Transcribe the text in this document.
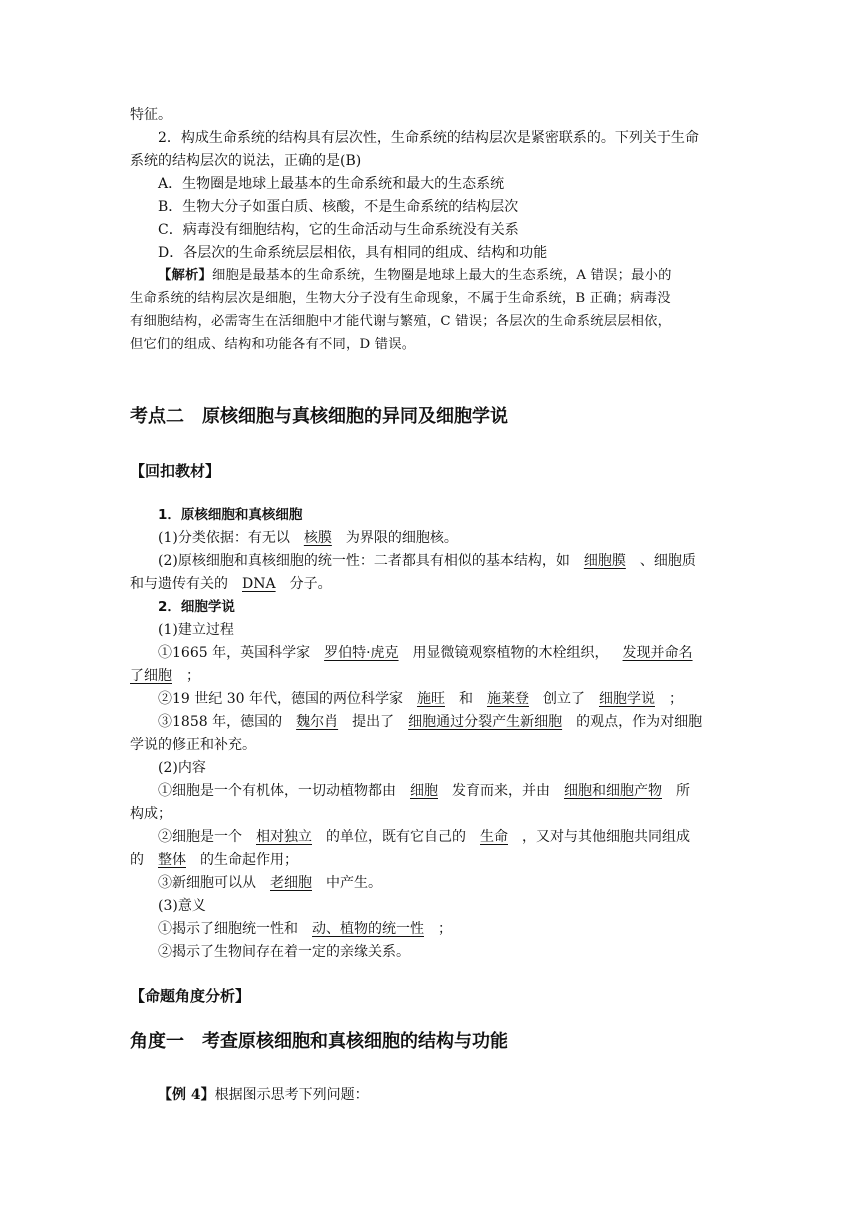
特征。
2．构成生命系统的结构具有层次性，生命系统的结构层次是紧密联系的。下列关于生命
系统的结构层次的说法，正确的是(B)
A．生物圈是地球上最基本的生命系统和最大的生态系统
B．生物大分子如蛋白质、核酸，不是生命系统的结构层次
C．病毒没有细胞结构，它的生命活动与生命系统没有关系
D．各层次的生命系统层层相依，具有相同的组成、结构和功能
【解析】细胞是最基本的生命系统，生物圈是地球上最大的生态系统，A 错误；最小的
生命系统的结构层次是细胞，生物大分子没有生命现象，不属于生命系统，B 正确；病毒没
有细胞结构，必需寄生在活细胞中才能代谢与繁殖，C 错误；各层次的生命系统层层相依，
但它们的组成、结构和功能各有不同，D 错误。
考点二　原核细胞与真核细胞的异同及细胞学说
【回扣教材】
1．原核细胞和真核细胞
(1)分类依据：有无以 核膜 为界限的细胞核。
(2)原核细胞和真核细胞的统一性：二者都具有相似的基本结构，如 细胞膜 、细胞质
和与遗传有关的 DNA 分子。
2．细胞学说
(1)建立过程
①1665 年，英国科学家 罗伯特·虎克 用显微镜观察植物的木栓组织， 发现并命名
了细胞 ；
②19 世纪 30 年代，德国的两位科学家 施旺 和 施莱登 创立了 细胞学说 ；
③1858 年，德国的 魏尔肖 提出了 细胞通过分裂产生新细胞 的观点，作为对细胞
学说的修正和补充。
(2)内容
①细胞是一个有机体，一切动植物都由 细胞 发育而来，并由 细胞和细胞产物 所
构成；
②细胞是一个 相对独立 的单位，既有它自己的 生命 ，又对与其他细胞共同组成
的 整体 的生命起作用；
③新细胞可以从 老细胞 中产生。
(3)意义
①揭示了细胞统一性和 动、植物的统一性 ；
②揭示了生物间存在着一定的亲缘关系。
【命题角度分析】
角度一　考查原核细胞和真核细胞的结构与功能
【例 4】根据图示思考下列问题：
